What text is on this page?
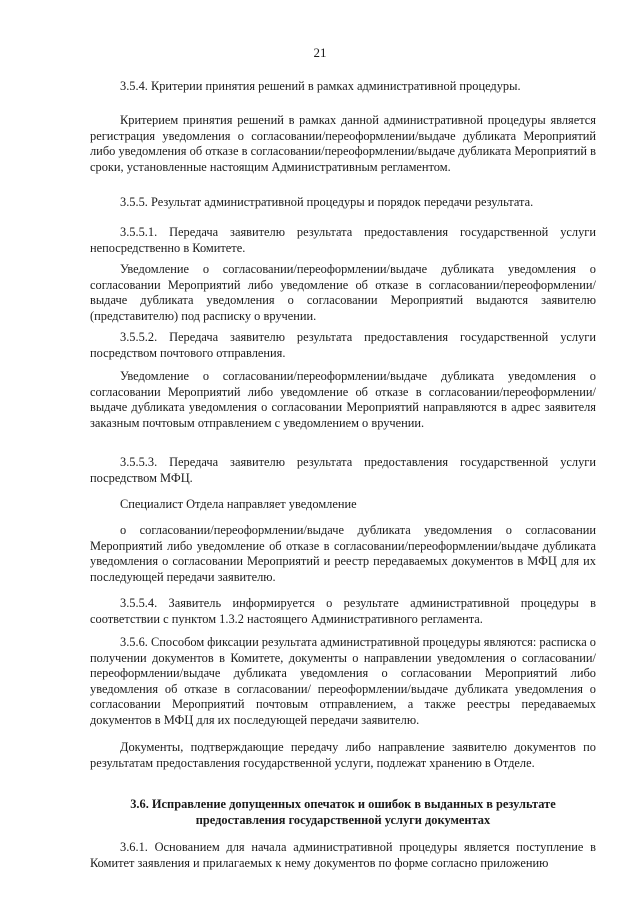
21

3.5.4. Критерии принятия решений в рамках административной процедуры.

Критерием принятия решений в рамках данной административной процедуры является регистрация уведомления о согласовании/переоформлении/выдаче дубликата Мероприятий либо уведомления об отказе в согласовании/переоформлении/выдаче дубликата Мероприятий в сроки, установленные настоящим Административным регламентом.

3.5.5. Результат административной процедуры и порядок передачи результата.

3.5.5.1. Передача заявителю результата предоставления государственной услуги непосредственно в Комитете.

Уведомление о согласовании/переоформлении/выдаче дубликата уведомления о согласовании Мероприятий либо уведомление об отказе в согласовании/переоформлении/выдаче дубликата уведомления о согласовании Мероприятий выдаются заявителю (представителю) под расписку о вручении.

3.5.5.2. Передача заявителю результата предоставления государственной услуги посредством почтового отправления.

Уведомление о согласовании/переоформлении/выдаче дубликата уведомления о согласовании Мероприятий либо уведомление об отказе в согласовании/переоформлении/выдаче дубликата уведомления о согласовании Мероприятий направляются в адрес заявителя заказным почтовым отправлением с уведомлением о вручении.

3.5.5.3. Передача заявителю результата предоставления государственной услуги посредством МФЦ.

Специалист Отдела направляет уведомление

о согласовании/переоформлении/выдаче дубликата уведомления о согласовании Мероприятий либо уведомление об отказе в согласовании/переоформлении/выдаче дубликата уведомления о согласовании Мероприятий и реестр передаваемых документов в МФЦ для их последующей передачи заявителю.

3.5.5.4. Заявитель информируется о результате административной процедуры в соответствии с пунктом 1.3.2 настоящего Административного регламента.

3.5.6. Способом фиксации результата административной процедуры являются: расписка о получении документов в Комитете, документы о направлении уведомления о согласовании/переоформлении/выдаче дубликата уведомления о согласовании Мероприятий либо уведомления об отказе в согласовании/ переоформлении/выдаче дубликата уведомления о согласовании Мероприятий почтовым отправлением, а также реестры передаваемых документов в МФЦ для их последующей передачи заявителю.

Документы, подтверждающие передачу либо направление заявителю документов по результатам предоставления государственной услуги, подлежат хранению в Отделе.

3.6. Исправление допущенных опечаток и ошибок в выданных в результате предоставления государственной услуги документах

3.6.1. Основанием для начала административной процедуры является поступление в Комитет заявления и прилагаемых к нему документов по форме согласно приложению
